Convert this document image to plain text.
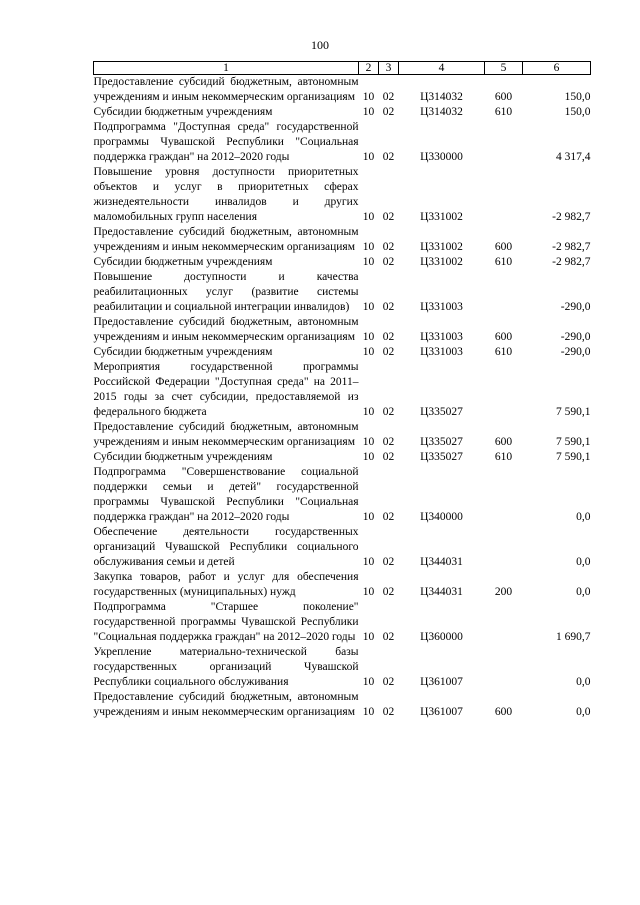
100
1	2	3	4	5	6
Предоставление субсидий бюджетным, автономным учреждениям и иным некоммерческим организациям	10	02	Ц314032	600	150,0
Субсидии бюджетным учреждениям	10	02	Ц314032	610	150,0
Подпрограмма "Доступная среда" государственной программы Чувашской Республики "Социальная поддержка граждан" на 2012–2020 годы	10	02	Ц330000		4 317,4
Повышение уровня доступности приоритетных объектов и услуг в приоритетных сферах жизнедеятельности инвалидов и других маломобильных групп населения	10	02	Ц331002		-2 982,7
Предоставление субсидий бюджетным, автономным учреждениям и иным некоммерческим организациям	10	02	Ц331002	600	-2 982,7
Субсидии бюджетным учреждениям	10	02	Ц331002	610	-2 982,7
Повышение доступности и качества реабилитационных услуг (развитие системы реабилитации и социальной интеграции инвалидов)	10	02	Ц331003		-290,0
Предоставление субсидий бюджетным, автономным учреждениям и иным некоммерческим организациям	10	02	Ц331003	600	-290,0
Субсидии бюджетным учреждениям	10	02	Ц331003	610	-290,0
Мероприятия государственной программы Российской Федерации "Доступная среда" на 2011–2015 годы за счет субсидии, предоставляемой из федерального бюджета	10	02	Ц335027		7 590,1
Предоставление субсидий бюджетным, автономным учреждениям и иным некоммерческим организациям	10	02	Ц335027	600	7 590,1
Субсидии бюджетным учреждениям	10	02	Ц335027	610	7 590,1
Подпрограмма "Совершенствование социальной поддержки семьи и детей" государственной программы Чувашской Республики "Социальная поддержка граждан" на 2012–2020 годы	10	02	Ц340000		0,0
Обеспечение деятельности государственных организаций Чувашской Республики социального обслуживания семьи и детей	10	02	Ц344031		0,0
Закупка товаров, работ и услуг для обеспечения государственных (муниципальных) нужд	10	02	Ц344031	200	0,0
Подпрограмма "Старшее поколение" государственной программы Чувашской Республики "Социальная поддержка граждан" на 2012–2020 годы	10	02	Ц360000		1 690,7
Укрепление материально-технической базы государственных организаций Чувашской Республики социального обслуживания	10	02	Ц361007		0,0
Предоставление субсидий бюджетным, автономным учреждениям и иным некоммерческим организациям	10	02	Ц361007	600	0,0
